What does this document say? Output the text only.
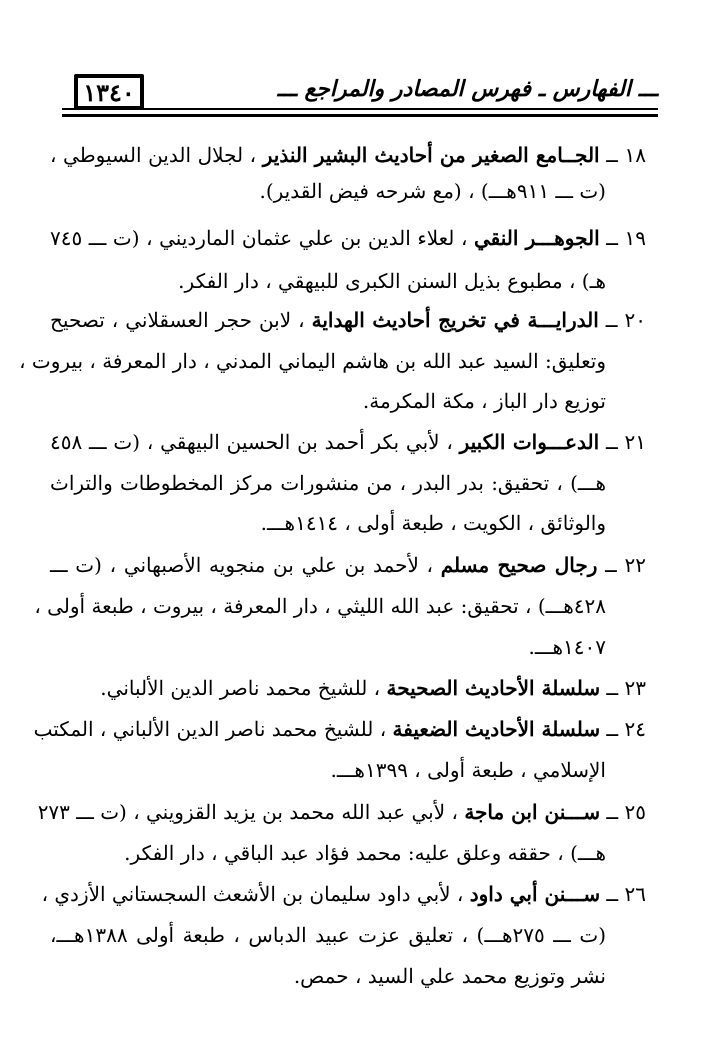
ـــ الفهارس ـ فهرس المصادر والمراجع ـــ
١٣٤٠
١٨ ــ الجــامع الصغير من أحاديث البشير النذير ، لجلال الدين السيوطي ،
(ت ـــ ٩١١هـــ) ، (مع شرحه فيض القدير).
١٩ ــ الجوهـــر النقي ، لعلاء الدين بن علي عثمان المارديني ، (ت ـــ ٧٤٥
هـ) ، مطبوع بذيل السنن الكبرى للبيهقي ، دار الفكر.
٢٠ ــ الدرايـــة في تخريج أحاديث الهداية ، لابن حجر العسقلاني ، تصحيح
وتعليق: السيد عبد الله بن هاشم اليماني المدني ، دار المعرفة ، بيروت ،
توزيع دار الباز ، مكة المكرمة.
٢١ ــ الدعـــوات الكبير ، لأبي بكر أحمد بن الحسين البيهقي ، (ت ـــ ٤٥٨
هـــ) ، تحقيق: بدر البدر ، من منشورات مركز المخطوطات والتراث
والوثائق ، الكويت ، طبعة أولى ، ١٤١٤هـــ.
٢٢ ــ رجال صحيح مسلم ، لأحمد بن علي بن منجويه الأصبهاني ، (ت ـــ
٤٢٨هـــ) ، تحقيق: عبد الله الليثي ، دار المعرفة ، بيروت ، طبعة أولى ،
١٤٠٧هـــ.
٢٣ ــ سلسلة الأحاديث الصحيحة ، للشيخ محمد ناصر الدين الألباني.
٢٤ ــ سلسلة الأحاديث الضعيفة ، للشيخ محمد ناصر الدين الألباني ، المكتب
الإسلامي ، طبعة أولى ، ١٣٩٩هـــ.
٢٥ ــ ســـنن ابن ماجة ، لأبي عبد الله محمد بن يزيد القزويني ، (ت ـــ ٢٧٣
هـــ) ، حققه وعلق عليه: محمد فؤاد عبد الباقي ، دار الفكر.
٢٦ ــ ســـنن أبي داود ، لأبي داود سليمان بن الأشعث السجستاني الأزدي ،
(ت ـــ ٢٧٥هـــ) ، تعليق عزت عبيد الدباس ، طبعة أولى ١٣٨٨هـــ،
نشر وتوزيع محمد علي السيد ، حمص.
